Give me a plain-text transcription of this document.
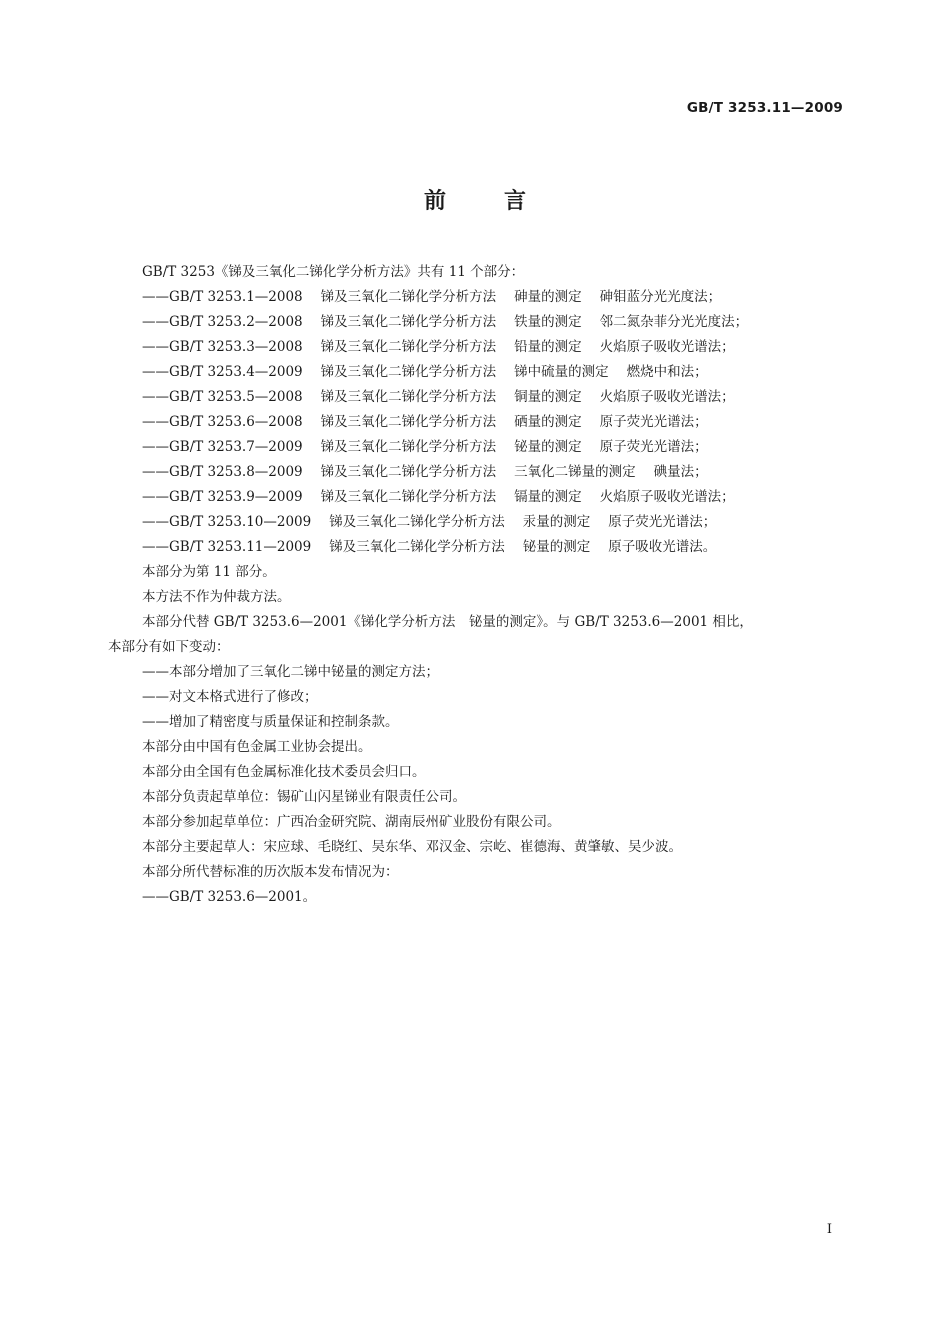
GB/T 3253.11—2009
前言
GB/T 3253《锑及三氧化二锑化学分析方法》共有 11 个部分：
——GB/T 3253.1—2008 锑及三氧化二锑化学分析方法 砷量的测定 砷钼蓝分光光度法；
——GB/T 3253.2—2008 锑及三氧化二锑化学分析方法 铁量的测定 邻二氮杂菲分光光度法；
——GB/T 3253.3—2008 锑及三氧化二锑化学分析方法 铅量的测定 火焰原子吸收光谱法；
——GB/T 3253.4—2009 锑及三氧化二锑化学分析方法 锑中硫量的测定 燃烧中和法；
——GB/T 3253.5—2008 锑及三氧化二锑化学分析方法 铜量的测定 火焰原子吸收光谱法；
——GB/T 3253.6—2008 锑及三氧化二锑化学分析方法 硒量的测定 原子荧光光谱法；
——GB/T 3253.7—2009 锑及三氧化二锑化学分析方法 铋量的测定 原子荧光光谱法；
——GB/T 3253.8—2009 锑及三氧化二锑化学分析方法 三氧化二锑量的测定 碘量法；
——GB/T 3253.9—2009 锑及三氧化二锑化学分析方法 镉量的测定 火焰原子吸收光谱法；
——GB/T 3253.10—2009 锑及三氧化二锑化学分析方法 汞量的测定 原子荧光光谱法；
——GB/T 3253.11—2009 锑及三氧化二锑化学分析方法 铋量的测定 原子吸收光谱法。
本部分为第 11 部分。
本方法不作为仲裁方法。
本部分代替 GB/T 3253.6—2001《锑化学分析方法　铋量的测定》。与 GB/T 3253.6—2001 相比，
本部分有如下变动：
——本部分增加了三氧化二锑中铋量的测定方法；
——对文本格式进行了修改；
——增加了精密度与质量保证和控制条款。
本部分由中国有色金属工业协会提出。
本部分由全国有色金属标准化技术委员会归口。
本部分负责起草单位：锡矿山闪星锑业有限责任公司。
本部分参加起草单位：广西冶金研究院、湖南辰州矿业股份有限公司。
本部分主要起草人：宋应球、毛晓红、吴东华、邓汉金、宗屹、崔德海、黄肇敏、吴少波。
本部分所代替标准的历次版本发布情况为：
——GB/T 3253.6—2001。
I
